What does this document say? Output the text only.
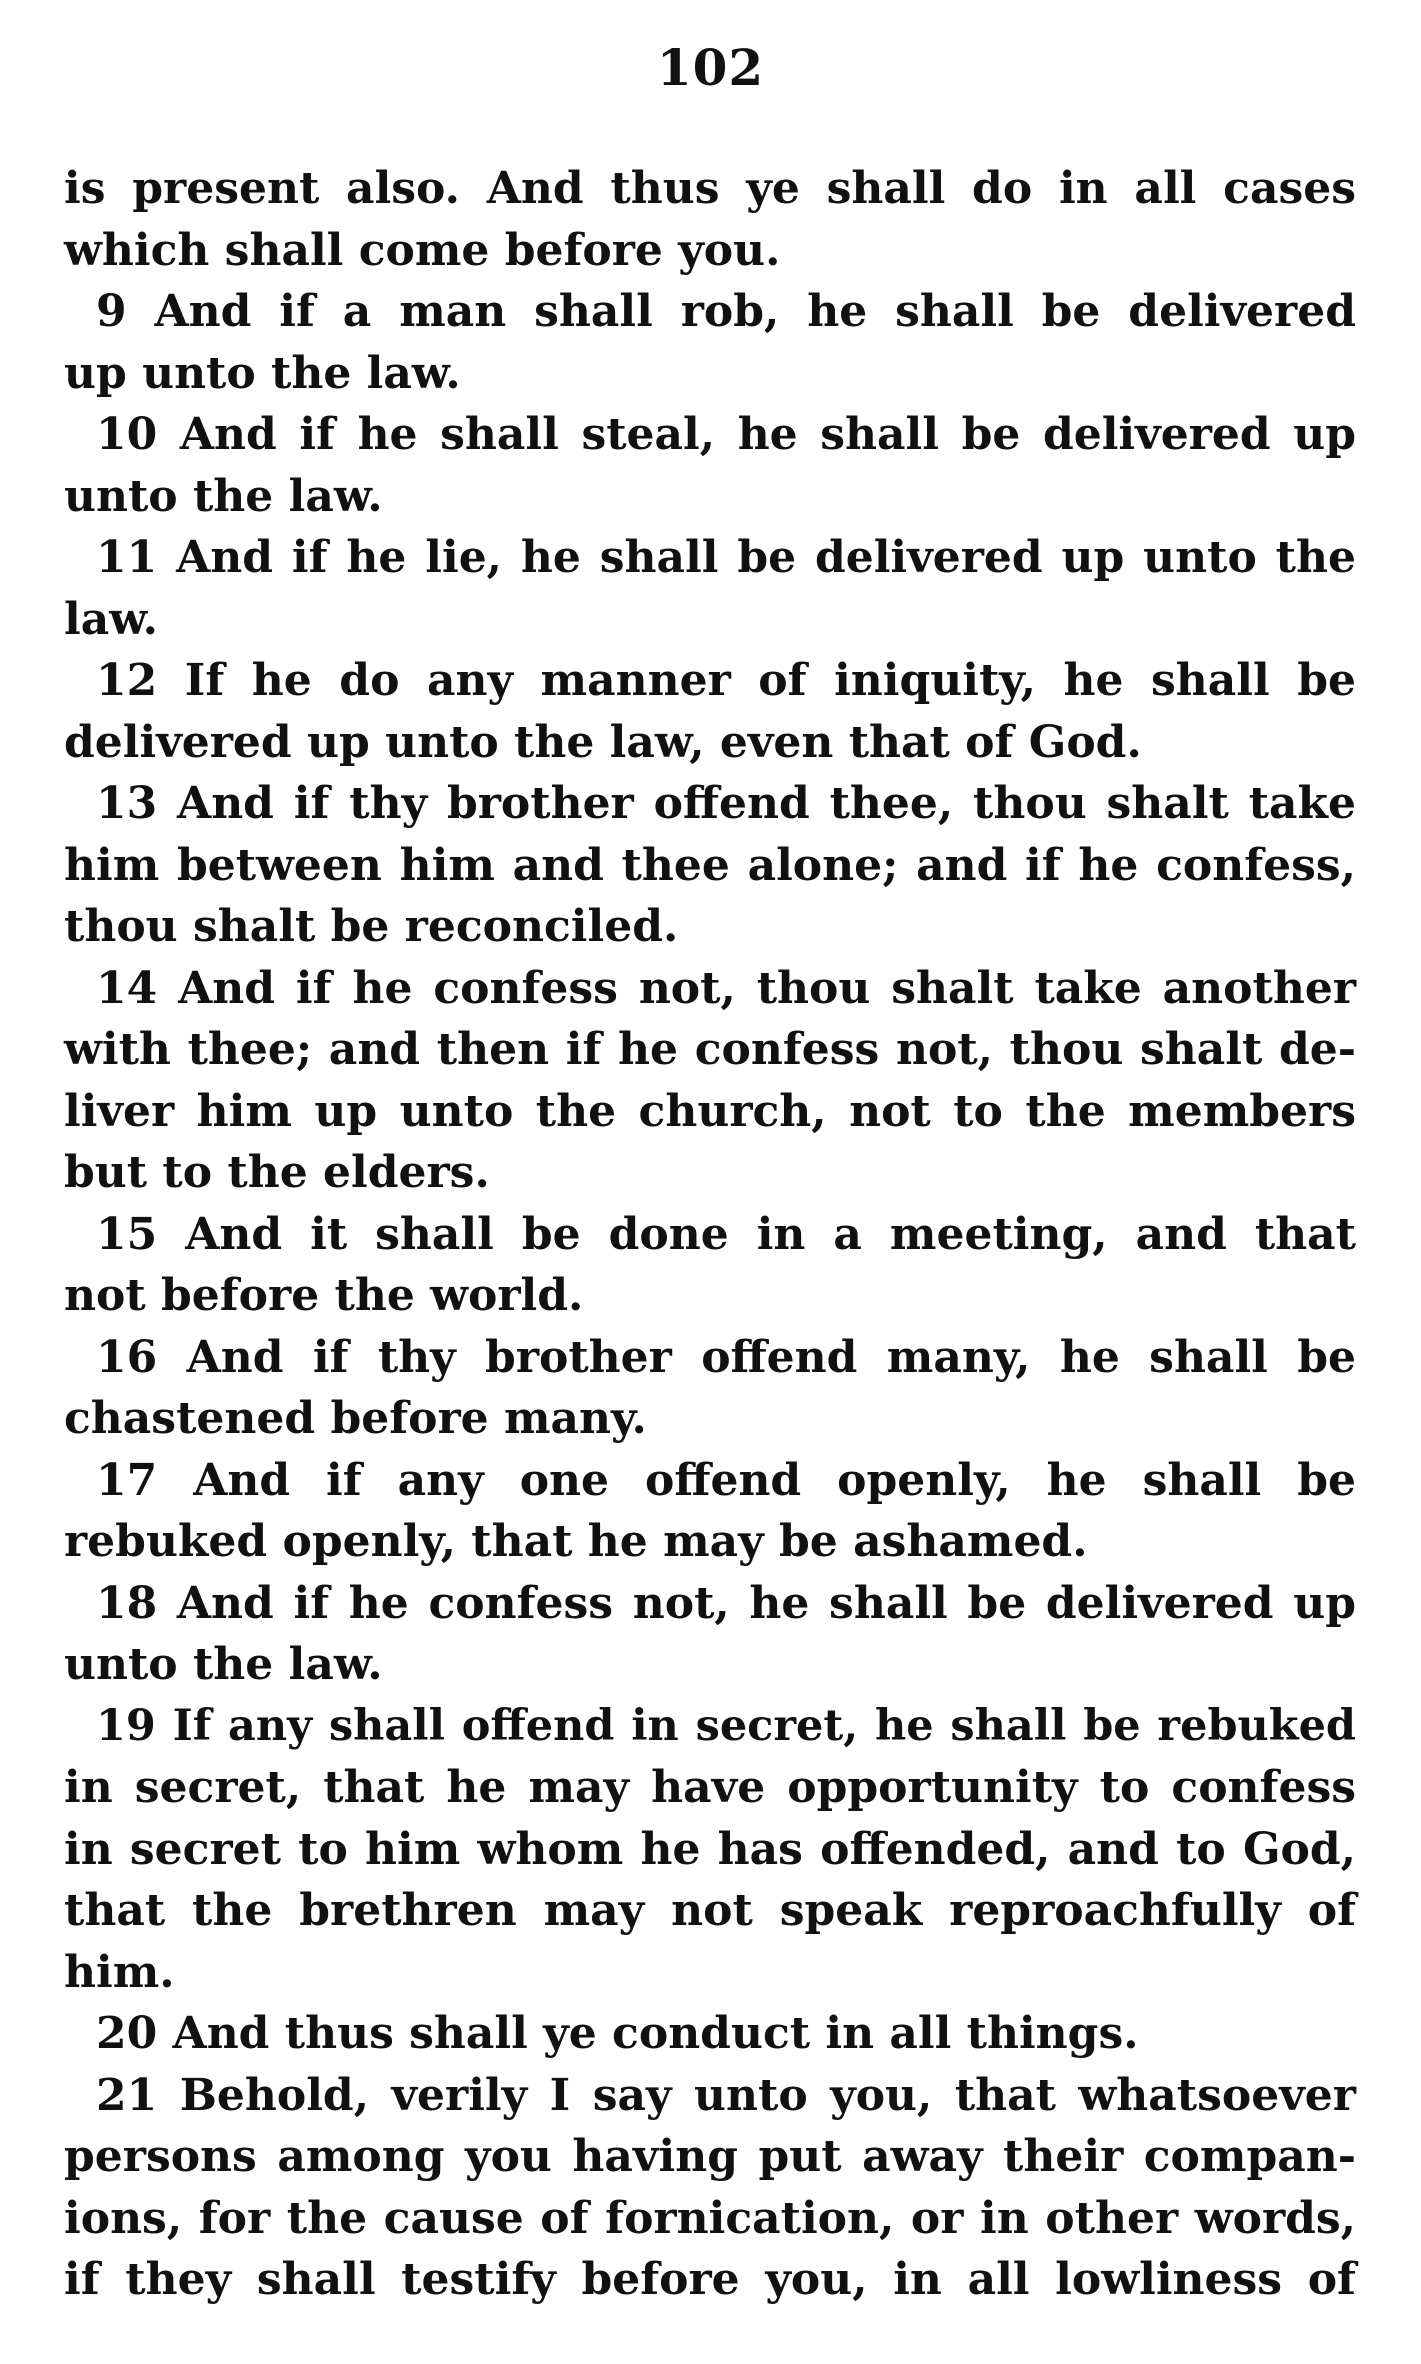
102
is present also. And thus ye shall do in all cases
which shall come before you.
9 And if a man shall rob, he shall be delivered
up unto the law.
10 And if he shall steal, he shall be delivered up
unto the law.
11 And if he lie, he shall be delivered up unto the
law.
12 If he do any manner of iniquity, he shall be
delivered up unto the law, even that of God.
13 And if thy brother offend thee, thou shalt take
him between him and thee alone; and if he confess,
thou shalt be reconciled.
14 And if he confess not, thou shalt take another
with thee; and then if he confess not, thou shalt de-
liver him up unto the church, not to the members
but to the elders.
15 And it shall be done in a meeting, and that
not before the world.
16 And if thy brother offend many, he shall be
chastened before many.
17 And if any one offend openly, he shall be
rebuked openly, that he may be ashamed.
18 And if he confess not, he shall be delivered up
unto the law.
19 If any shall offend in secret, he shall be rebuked
in secret, that he may have opportunity to confess
in secret to him whom he has offended, and to God,
that the brethren may not speak reproachfully of
him.
20 And thus shall ye conduct in all things.
21 Behold, verily I say unto you, that whatsoever
persons among you having put away their compan-
ions, for the cause of fornication, or in other words,
if they shall testify before you, in all lowliness of
